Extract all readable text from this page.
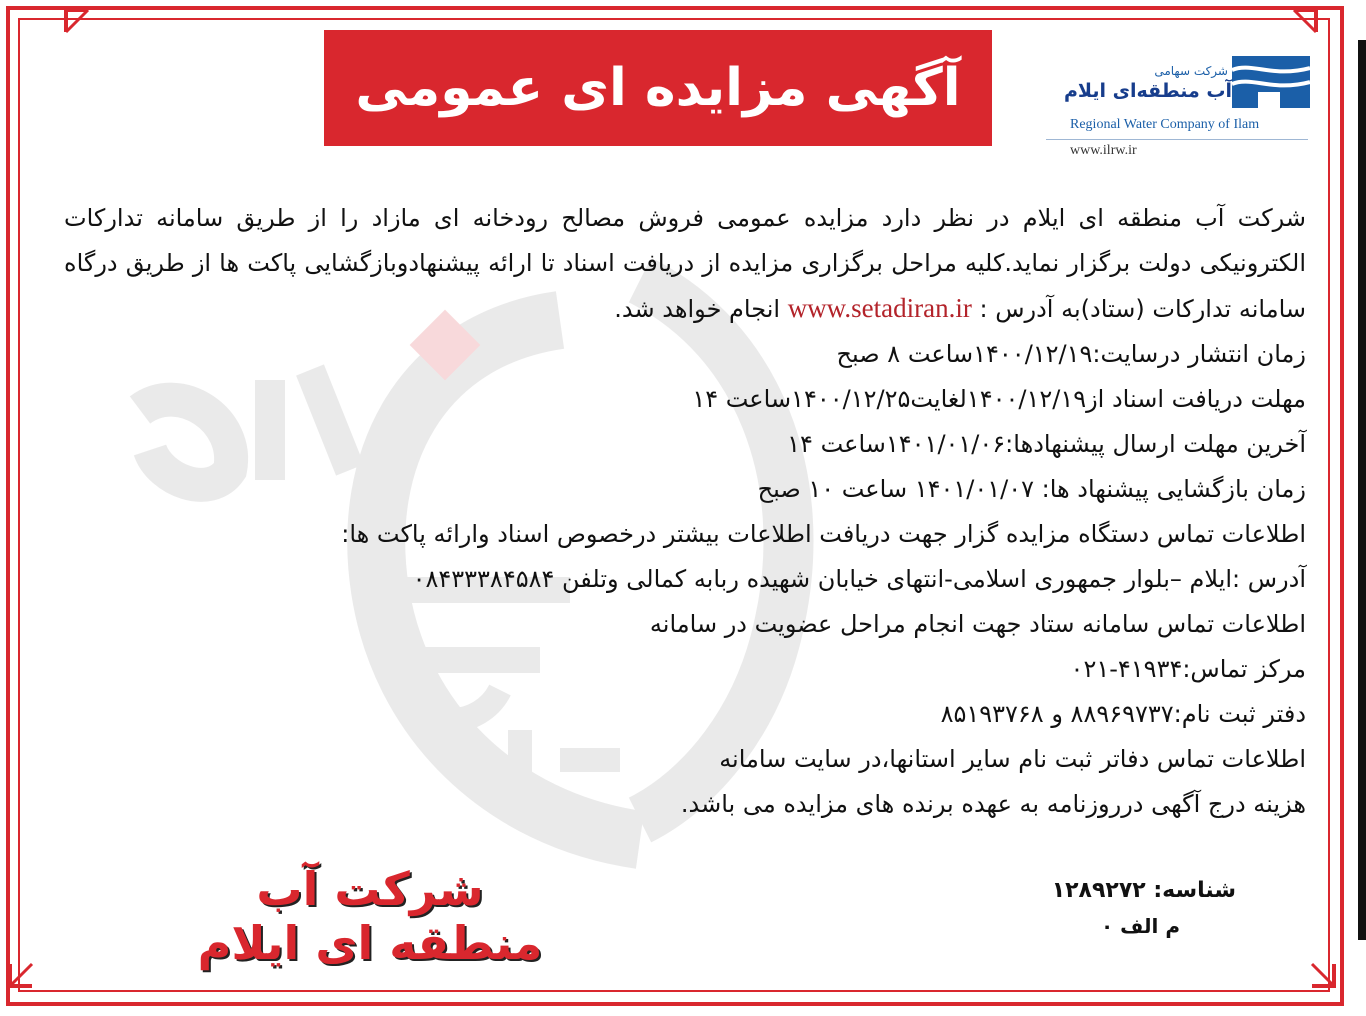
آگهی مزایده ای عمومی	شرکت سهامی
آب منطقه‌ای ایلام
Regional Water Company of Ilam
www.ilrw.ir

شرکت آب منطقه ای ایلام در نظر دارد مزایده عمومی فروش مصالح رودخانه ای مازاد را از طریق سامانه تدارکات الکترونیکی دولت برگزار نماید.کلیه مراحل برگزاری مزایده از دریافت اسناد تا ارائه پیشنهادوبازگشایی پاکت ها از طریق درگاه سامانه تدارکات (ستاد)به آدرس : www.setadiran.ir انجام خواهد شد.

زمان انتشار درسایت:۱۴۰۰/۱۲/۱۹ساعت ۸ صبح

مهلت دریافت اسناد از۱۴۰۰/۱۲/۱۹لغایت۱۴۰۰/۱۲/۲۵ساعت ۱۴

آخرین مهلت ارسال پیشنهادها:۱۴۰۱/۰۱/۰۶ساعت ۱۴

زمان بازگشایی پیشنهاد ها: ۱۴۰۱/۰۱/۰۷ ساعت ۱۰ صبح

اطلاعات تماس دستگاه مزایده گزار جهت دریافت اطلاعات بیشتر درخصوص اسناد وارائه پاکت ها:

آدرس :ایلام –بلوار جمهوری اسلامی-انتهای خیابان شهیده ربابه کمالی وتلفن ۰۸۴۳۳۳۸۴۵۸۴

اطلاعات تماس سامانه ستاد جهت انجام مراحل عضویت در سامانه

مرکز تماس:۴۱۹۳۴-۰۲۱

دفتر ثبت نام:۸۸۹۶۹۷۳۷ و ۸۵۱۹۳۷۶۸

اطلاعات تماس دفاتر ثبت نام سایر استانها،در سایت سامانه

هزینه درج آگهی درروزنامه به عهده برنده های مزایده می باشد.

شرکت آب منطقه ای ایلام
شناسه: ۱۲۸۹۲۷۲
م الف ۰
